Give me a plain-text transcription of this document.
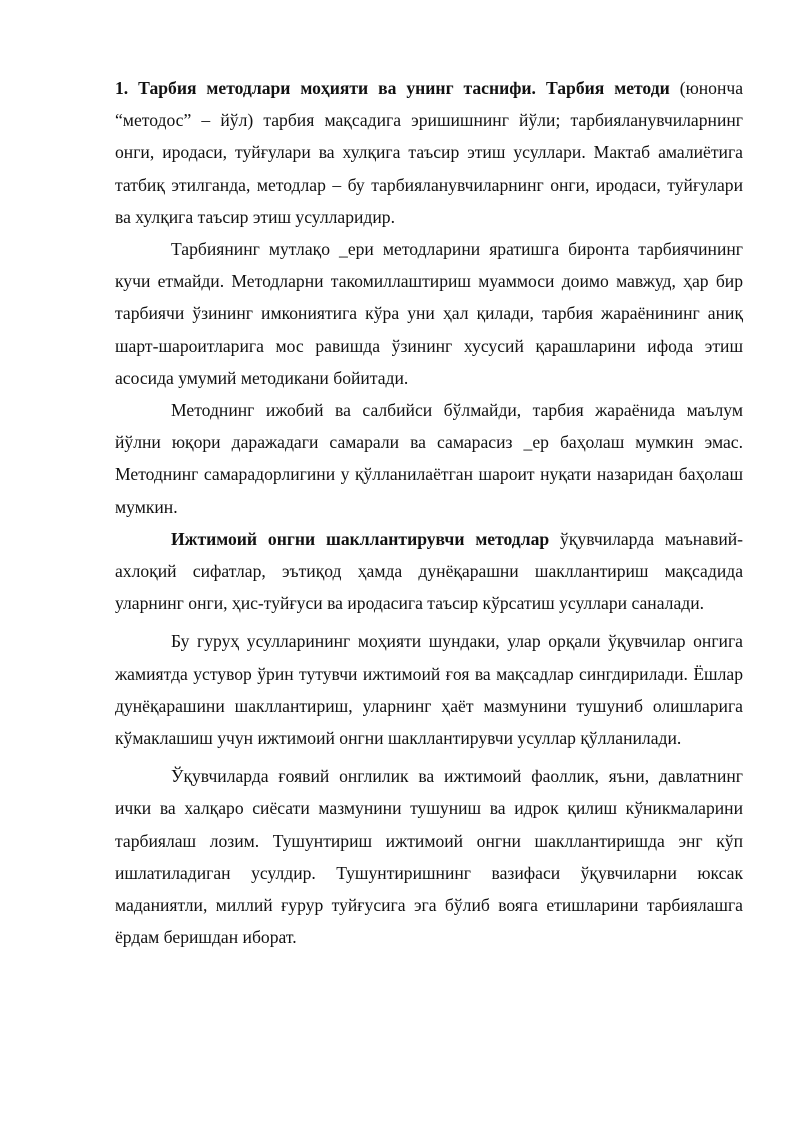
1. Тарбия методлари моҳияти ва унинг таснифи. Тарбия методи (юнонча “методос” – йўл) тарбия мақсадига эришишнинг йўли; тарбияланувчиларнинг онги, иродаси, туйғулари ва хулқига таъсир этиш усуллари. Мактаб амалиётига татбиқ этилганда, методлар – бу тарбияланувчиларнинг онги, иродаси, туйғулари ва хулқига таъсир этиш усулларидир.

Тарбиянинг мутлақо _ери методларини яратишга биронта тарбиячининг кучи етмайди. Методларни такомиллаштириш муаммоси доимо мавжуд, ҳар бир тарбиячи ўзининг имкониятига кўра уни ҳал қилади, тарбия жараёнининг аниқ шарт-шароитларига мос равишда ўзининг хусусий қарашларини ифода этиш асосида умумий методикани бойитади.

Методнинг ижобий ва салбийси бўлмайди, тарбия жараёнида маълум йўлни юқори даражадаги самарали ва самарасиз _ер баҳолаш мумкин эмас. Методнинг самарадорлигини у қўлланилаётган шароит нуқати назаридан баҳолаш мумкин.

Ижтимоий онгни шакллантирувчи методлар ўқувчиларда маънавий-ахлоқий сифатлар, эътиқод ҳамда дунёқарашни шакллантириш мақсадида уларнинг онги, ҳис-туйғуси ва иродасига таъсир кўрсатиш усуллари саналади.

Бу гуруҳ усулларининг моҳияти шундаки, улар орқали ўқувчилар онгига жамиятда устувор ўрин тутувчи ижтимоий ғоя ва мақсадлар сингдирилади. Ёшлар дунёқарашини шакллантириш, уларнинг ҳаёт мазмунини тушуниб олишларига кўмаклашиш учун ижтимоий онгни шакллантирувчи усуллар қўлланилади.

Ўқувчиларда ғоявий онглилик ва ижтимоий фаоллик, яъни, давлатнинг ички ва халқаро сиёсати мазмунини тушуниш ва идрок қилиш кўникмаларини тарбиялаш лозим. Тушунтириш ижтимоий онгни шакллантиришда энг кўп ишлатиладиган усулдир. Тушунтиришнинг вазифаси ўқувчиларни юксак маданиятли, миллий ғурур туйғусига эга бўлиб вояга етишларини тарбиялашга ёрдам беришдан иборат.
